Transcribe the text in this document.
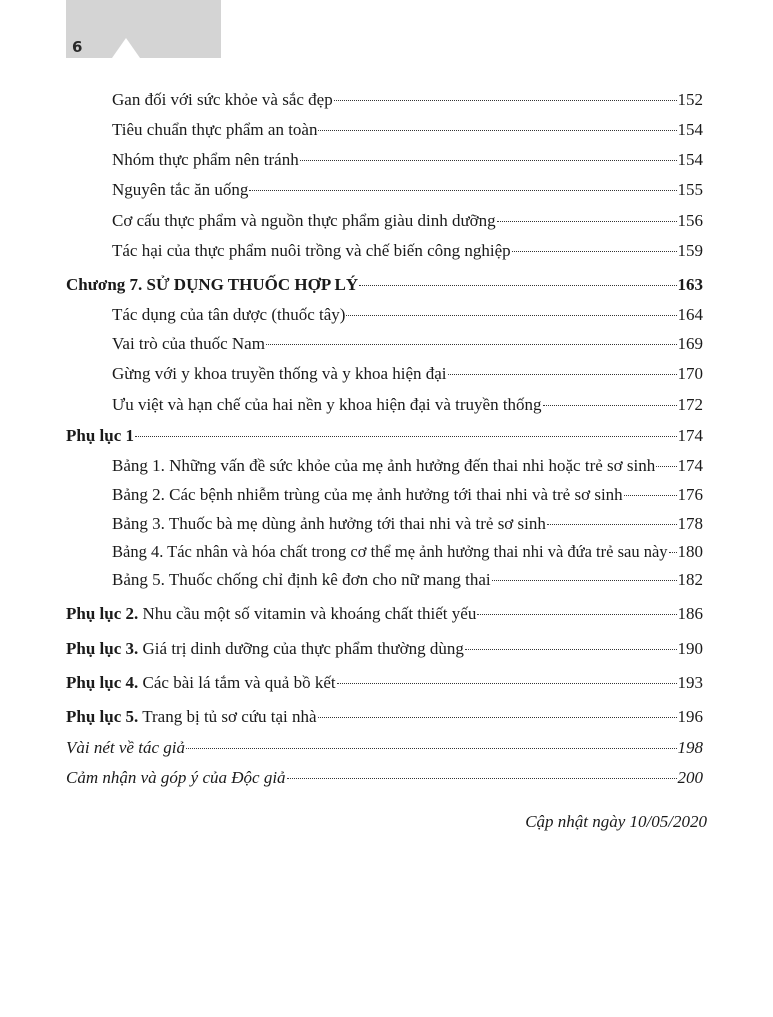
6
Gan đối với sức khỏe và sắc đẹp	152
Tiêu chuẩn thực phẩm an toàn	154
Nhóm thực phẩm nên tránh	154
Nguyên tắc ăn uống	155
Cơ cấu thực phẩm và nguồn thực phẩm giàu dinh dưỡng	156
Tác hại của thực phẩm nuôi trồng và chế biến công nghiệp	159
Chương 7. SỬ DỤNG THUỐC HỢP LÝ	163
Tác dụng của tân dược (thuốc tây)	164
Vai trò của thuốc Nam	169
Gừng với y khoa truyền thống và y khoa hiện đại	170
Ưu việt và hạn chế của hai nền y khoa hiện đại và truyền thống	172
Phụ lục 1	174
Bảng 1. Những vấn đề sức khỏe của mẹ ảnh hưởng đến thai nhi hoặc trẻ sơ sinh 174
Bảng 2. Các bệnh nhiễm trùng của mẹ ảnh hưởng tới thai nhi và trẻ sơ sinh	176
Bảng 3. Thuốc bà mẹ dùng ảnh hưởng tới thai nhi và trẻ sơ sinh	178
Bảng 4. Tác nhân và hóa chất trong cơ thể mẹ ảnh hưởng thai nhi và đứa trẻ sau này 180
Bảng 5. Thuốc chống chỉ định kê đơn cho nữ mang thai	182
Phụ lục 2. Nhu cầu một số vitamin và khoáng chất thiết yếu	186
Phụ lục 3. Giá trị dinh dưỡng của thực phẩm thường dùng	190
Phụ lục 4. Các bài lá tắm và quả bồ kết	193
Phụ lục 5. Trang bị tủ sơ cứu tại nhà	196
Vài nét về tác giả	198
Cảm nhận và góp ý của Độc giả	200
Cập nhật ngày 10/05/2020
